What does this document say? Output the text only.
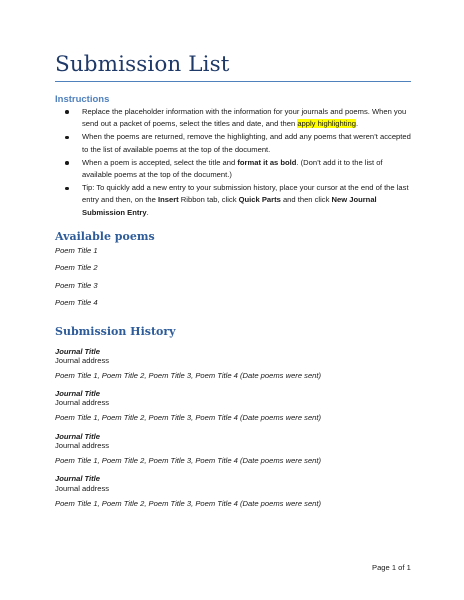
Submission List
Instructions
Replace the placeholder information with the information for your journals and poems. When you send out a packet of poems, select the titles and date, and then apply highlighting.
When the poems are returned, remove the highlighting, and add any poems that weren’t accepted to the list of available poems at the top of the document.
When a poem is accepted, select the title and format it as bold. (Don’t add it to the list of available poems at the top of the document.)
Tip: To quickly add a new entry to your submission history, place your cursor at the end of the last entry and then, on the Insert Ribbon tab, click Quick Parts and then click New Journal Submission Entry.
Available poems
Poem Title 1
Poem Title 2
Poem Title 3
Poem Title 4
Submission History
Journal Title
Journal address
Poem Title 1, Poem Title 2, Poem Title 3, Poem Title 4 (Date poems were sent)
Journal Title
Journal address
Poem Title 1, Poem Title 2, Poem Title 3, Poem Title 4 (Date poems were sent)
Journal Title
Journal address
Poem Title 1, Poem Title 2, Poem Title 3, Poem Title 4 (Date poems were sent)
Journal Title
Journal address
Poem Title 1, Poem Title 2, Poem Title 3, Poem Title 4 (Date poems were sent)
Page 1 of 1
